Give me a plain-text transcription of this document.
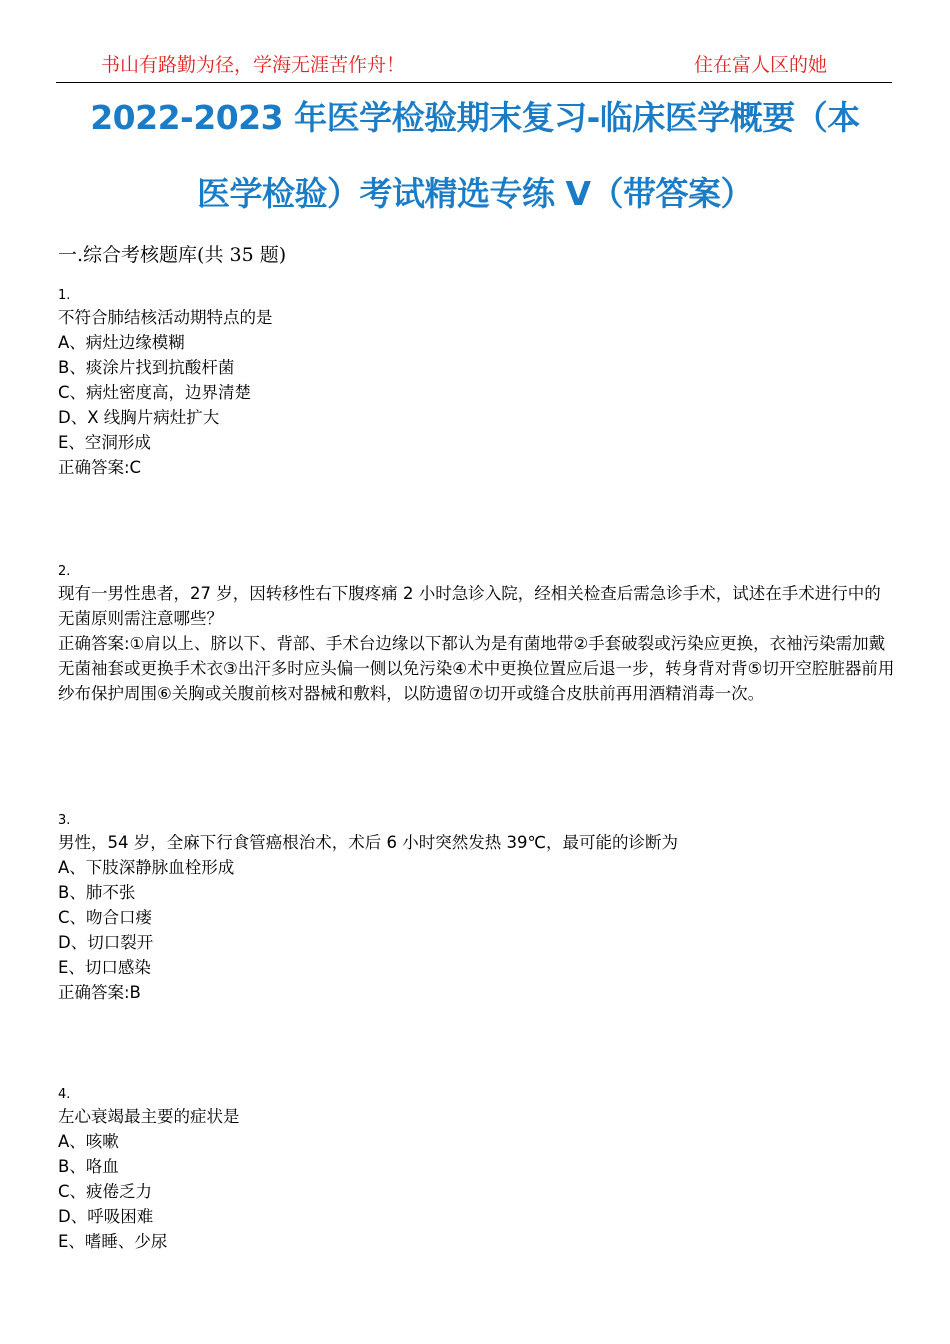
书山有路勤为径，学海无涯苦作舟！	住在富人区的她
2022-2023 年医学检验期末复习-临床医学概要（本
医学检验）考试精选专练 V（带答案）
一.综合考核题库(共 35 题)
1.
不符合肺结核活动期特点的是
A、病灶边缘模糊
B、痰涂片找到抗酸杆菌
C、病灶密度高，边界清楚
D、X 线胸片病灶扩大
E、空洞形成
正确答案:C
2.
现有一男性患者，27 岁，因转移性右下腹疼痛 2 小时急诊入院，经相关检查后需急诊手术，试述在手术进行中的无菌原则需注意哪些？
正确答案:①肩以上、脐以下、背部、手术台边缘以下都认为是有菌地带②手套破裂或污染应更换，衣袖污染需加戴无菌袖套或更换手术衣③出汗多时应头偏一侧以免污染④术中更换位置应后退一步，转身背对背⑤切开空腔脏器前用纱布保护周围⑥关胸或关腹前核对器械和敷料，以防遗留⑦切开或缝合皮肤前再用酒精消毒一次。
3.
男性，54 岁，全麻下行食管癌根治术，术后 6 小时突然发热 39℃，最可能的诊断为
A、下肢深静脉血栓形成
B、肺不张
C、吻合口瘘
D、切口裂开
E、切口感染
正确答案:B
4.
左心衰竭最主要的症状是
A、咳嗽
B、咯血
C、疲倦乏力
D、呼吸困难
E、嗜睡、少尿
